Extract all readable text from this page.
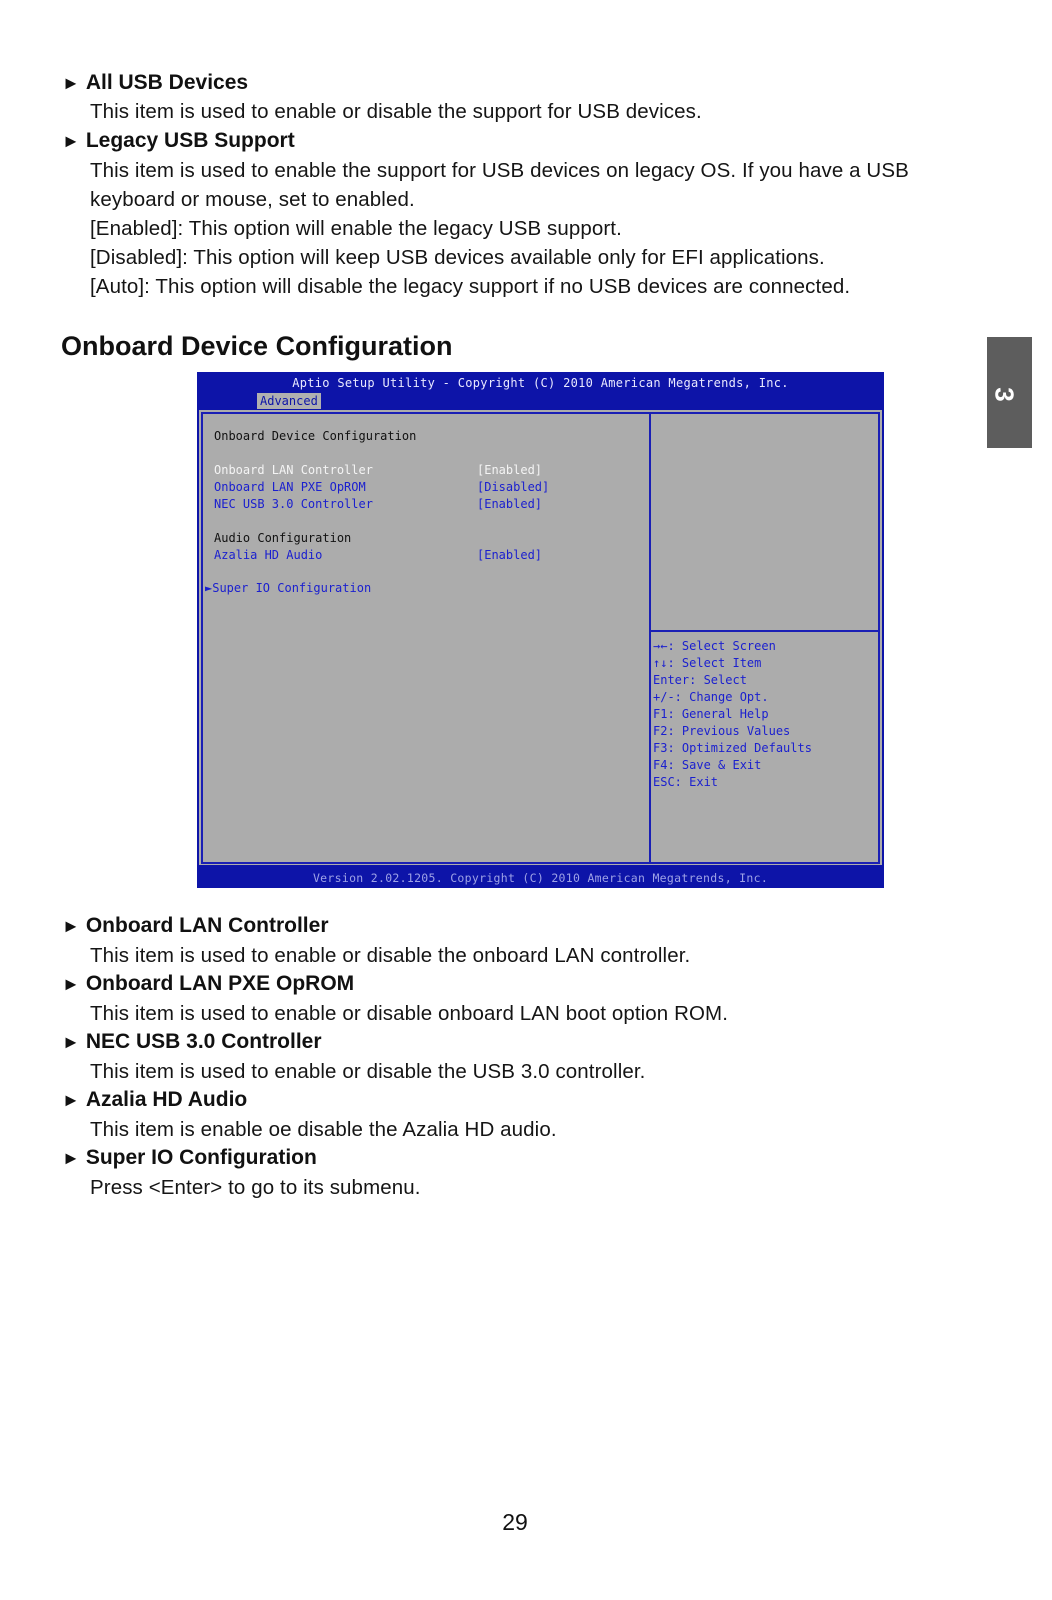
► All USB Devices
This item is used to enable or disable the support for USB devices.
► Legacy USB Support
This item is used to enable the support for USB devices on legacy OS. If you have a USB
keyboard or mouse, set to enabled.
[Enabled]: This option will enable the legacy USB support.
[Disabled]: This option will keep USB devices available only for EFI applications.
[Auto]: This option will disable the legacy support if no USB devices are connected.
Onboard Device Configuration
Aptio Setup Utility - Copyright (C) 2010 American Megatrends, Inc.
Advanced
Onboard Device Configuration
Onboard LAN Controller	[Enabled]
Onboard LAN PXE OpROM	[Disabled]
NEC USB 3.0 Controller	[Enabled]
Audio Configuration
Azalia HD Audio	[Enabled]
►Super IO Configuration
→←: Select Screen
↑↓: Select Item
Enter: Select
+/-: Change Opt.
F1: General Help
F2: Previous Values
F3: Optimized Defaults
F4: Save & Exit
ESC: Exit
Version 2.02.1205. Copyright (C) 2010 American Megatrends, Inc.
► Onboard LAN Controller
This item is used to enable or disable the onboard LAN controller.
► Onboard LAN PXE OpROM
This item is used to enable or disable onboard LAN boot option ROM.
► NEC USB 3.0 Controller
This item is used to enable or disable the USB 3.0 controller.
► Azalia HD Audio
This item is enable oe disable the Azalia HD audio.
► Super IO Configuration
Press <Enter> to go to its submenu.
3
29
